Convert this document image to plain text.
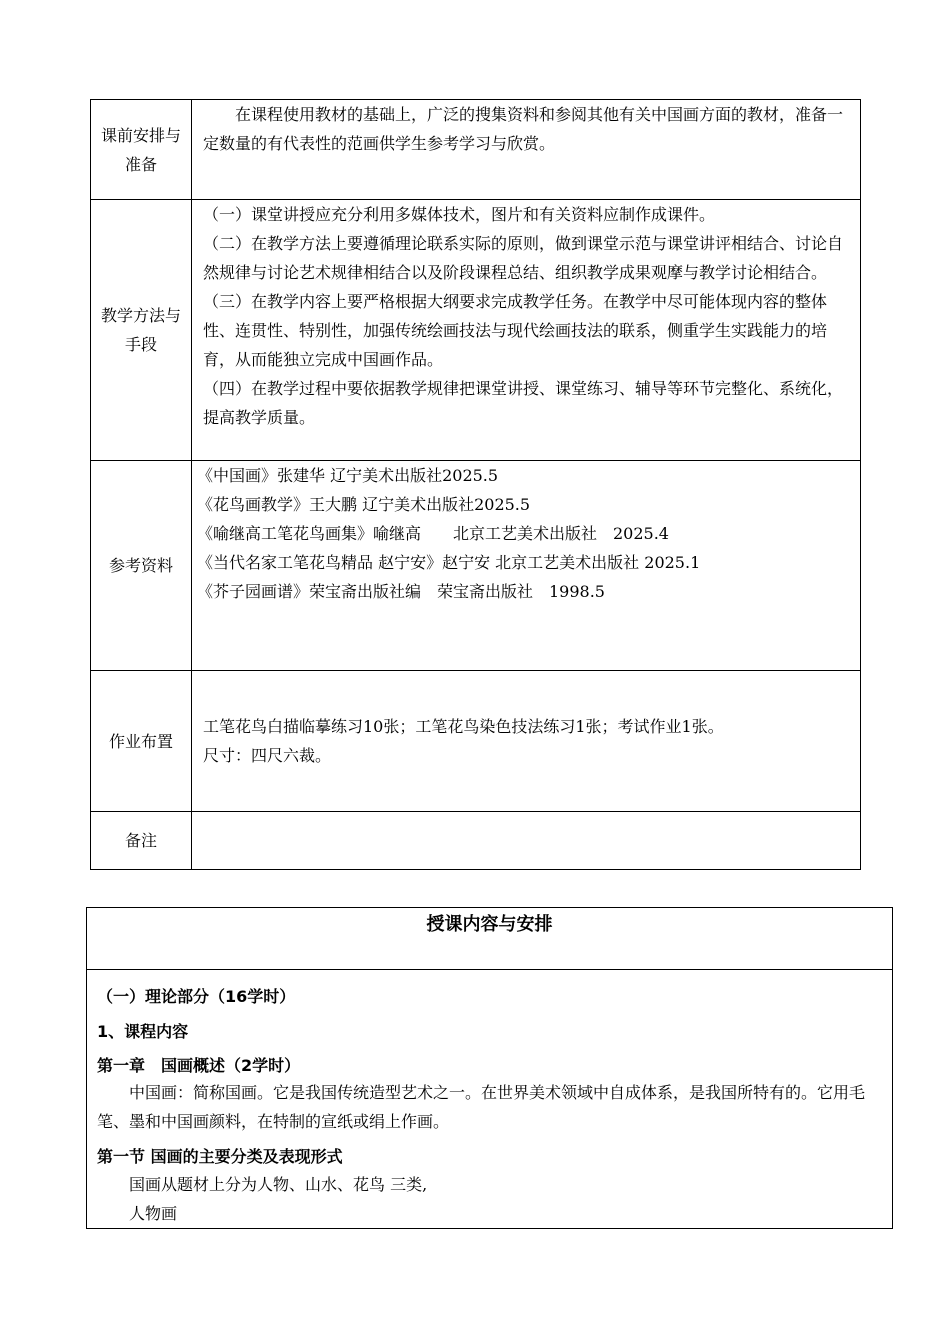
课前安排与准备	在课程使用教材的基础上，广泛的搜集资料和参阅其他有关中国画方面的教材，准备一定数量的有代表性的范画供学生参考学习与欣赏。

教学方法与手段	（一）课堂讲授应充分利用多媒体技术，图片和有关资料应制作成课件。

（二）在教学方法上要遵循理论联系实际的原则，做到课堂示范与课堂讲评相结合、讨论自然规律与讨论艺术规律相结合以及阶段课程总结、组织教学成果观摩与教学讨论相结合。

（三）在教学内容上要严格根据大纲要求完成教学任务。在教学中尽可能体现内容的整体性、连贯性、特别性，加强传统绘画技法与现代绘画技法的联系，侧重学生实践能力的培育，从而能独立完成中国画作品。

（四）在教学过程中要依据教学规律把课堂讲授、课堂练习、辅导等环节完整化、系统化，提高教学质量。

参考资料	《中国画》张建华 辽宁美术出版社2025.5

《花鸟画教学》王大鹏 辽宁美术出版社2025.5

《喻继高工笔花鸟画集》喻继高　　北京工艺美术出版社　2025.4

《当代名家工笔花鸟精品 赵宁安》赵宁安 北京工艺美术出版社 2025.1

《芥子园画谱》荣宝斋出版社编　荣宝斋出版社　1998.5

作业布置	工笔花鸟白描临摹练习10张；工笔花鸟染色技法练习1张；考试作业1张。

尺寸：四尺六裁。

备注	
授课内容与安排
（一）理论部分（16学时）
1、课程内容
第一章　国画概述（2学时）
中国画：简称国画。它是我国传统造型艺术之一。在世界美术领域中自成体系，是我国所特有的。它用毛笔、墨和中国画颜料，在特制的宣纸或绢上作画。
第一节 国画的主要分类及表现形式
国画从题材上分为人物、山水、花鸟 三类,
人物画
